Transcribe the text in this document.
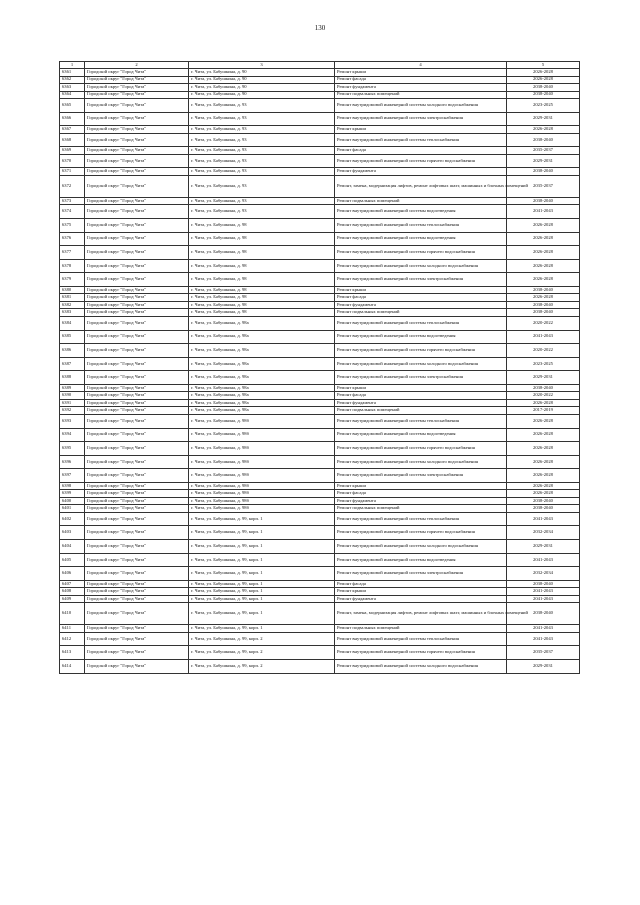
130
1	2	3	4	5
6361	Городской округ "Город Чита"	г. Чита, ул. Бабушкина, д. 90	Ремонт крыши	2026-2028
6362	Городской округ "Город Чита"	г. Чита, ул. Бабушкина, д. 90	Ремонт фасада	2026-2028
6363	Городской округ "Город Чита"	г. Чита, ул. Бабушкина, д. 90	Ремонт фундамента	2038-2040
6364	Городской округ "Город Чита"	г. Чита, ул. Бабушкина, д. 90	Ремонт подвальных помещений	2038-2040
6365	Городской округ "Город Чита"	г. Чита, ул. Бабушкина, д. 93	Ремонт внутридомовой инженерной системы холодного водоснабжения	2023-2025
6366	Городской округ "Город Чита"	г. Чита, ул. Бабушкина, д. 93	Ремонт внутридомовой инженерной системы электроснабжения	2029-2031
6367	Городской округ "Город Чита"	г. Чита, ул. Бабушкина, д. 93	Ремонт крыши	2026-2028
6368	Городской округ "Город Чита"	г. Чита, ул. Бабушкина, д. 93	Ремонт внутридомовой инженерной системы теплоснабжения	2038-2040
6369	Городской округ "Город Чита"	г. Чита, ул. Бабушкина, д. 93	Ремонт фасада	2035-2037
6370	Городской округ "Город Чита"	г. Чита, ул. Бабушкина, д. 93	Ремонт внутридомовой инженерной системы горячего водоснабжения	2029-2031
6371	Городской округ "Город Чита"	г. Чита, ул. Бабушкина, д. 93	Ремонт фундамента	2038-2040
6372	Городской округ "Город Чита"	г. Чита, ул. Бабушкина, д. 93	Ремонт, замена, модернизация лифтов, ремонт лифтовых шахт, машинных и блочных помещений	2035-2037
6373	Городской округ "Город Чита"	г. Чита, ул. Бабушкина, д. 93	Ремонт подвальных помещений	2038-2040
6374	Городской округ "Город Чита"	г. Чита, ул. Бабушкина, д. 93	Ремонт внутридомовой инженерной системы водоотведения	2041-2043
6375	Городской округ "Город Чита"	г. Чита, ул. Бабушкина, д. 98	Ремонт внутридомовой инженерной системы теплоснабжения	2026-2028
6376	Городской округ "Город Чита"	г. Чита, ул. Бабушкина, д. 98	Ремонт внутридомовой инженерной системы водоотведения	2026-2028
6377	Городской округ "Город Чита"	г. Чита, ул. Бабушкина, д. 98	Ремонт внутридомовой инженерной системы горячего водоснабжения	2026-2028
6378	Городской округ "Город Чита"	г. Чита, ул. Бабушкина, д. 98	Ремонт внутридомовой инженерной системы холодного водоснабжения	2026-2028
6379	Городской округ "Город Чита"	г. Чита, ул. Бабушкина, д. 98	Ремонт внутридомовой инженерной системы электроснабжения	2026-2028
6380	Городской округ "Город Чита"	г. Чита, ул. Бабушкина, д. 98	Ремонт крыши	2038-2040
6381	Городской округ "Город Чита"	г. Чита, ул. Бабушкина, д. 98	Ремонт фасада	2026-2028
6382	Городской округ "Город Чита"	г. Чита, ул. Бабушкина, д. 98	Ремонт фундамента	2038-2040
6383	Городской округ "Город Чита"	г. Чита, ул. Бабушкина, д. 98	Ремонт подвальных помещений	2038-2040
6384	Городской округ "Город Чита"	г. Чита, ул. Бабушкина, д. 98а	Ремонт внутридомовой инженерной системы теплоснабжения	2020-2022
6385	Городской округ "Город Чита"	г. Чита, ул. Бабушкина, д. 98а	Ремонт внутридомовой инженерной системы водоотведения	2041-2043
6386	Городской округ "Город Чита"	г. Чита, ул. Бабушкина, д. 98а	Ремонт внутридомовой инженерной системы горячего водоснабжения	2020-2022
6387	Городской округ "Город Чита"	г. Чита, ул. Бабушкина, д. 98а	Ремонт внутридомовой инженерной системы холодного водоснабжения	2023-2025
6388	Городской округ "Город Чита"	г. Чита, ул. Бабушкина, д. 98а	Ремонт внутридомовой инженерной системы электроснабжения	2029-2031
6389	Городской округ "Город Чита"	г. Чита, ул. Бабушкина, д. 98а	Ремонт крыши	2038-2040
6390	Городской округ "Город Чита"	г. Чита, ул. Бабушкина, д. 98а	Ремонт фасада	2020-2022
6391	Городской округ "Город Чита"	г. Чита, ул. Бабушкина, д. 98а	Ремонт фундамента	2026-2028
6392	Городской округ "Город Чита"	г. Чита, ул. Бабушкина, д. 98а	Ремонт подвальных помещений	2017-2019
6393	Городской округ "Город Чита"	г. Чита, ул. Бабушкина, д. 98б	Ремонт внутридомовой инженерной системы теплоснабжения	2026-2028
6394	Городской округ "Город Чита"	г. Чита, ул. Бабушкина, д. 98б	Ремонт внутридомовой инженерной системы водоотведения	2026-2028
6395	Городской округ "Город Чита"	г. Чита, ул. Бабушкина, д. 98б	Ремонт внутридомовой инженерной системы горячего водоснабжения	2026-2028
6396	Городской округ "Город Чита"	г. Чита, ул. Бабушкина, д. 98б	Ремонт внутридомовой инженерной системы холодного водоснабжения	2026-2028
6397	Городской округ "Город Чита"	г. Чита, ул. Бабушкина, д. 98б	Ремонт внутридомовой инженерной системы электроснабжения	2026-2028
6398	Городской округ "Город Чита"	г. Чита, ул. Бабушкина, д. 98б	Ремонт крыши	2026-2028
6399	Городской округ "Город Чита"	г. Чита, ул. Бабушкина, д. 98б	Ремонт фасада	2026-2028
6400	Городской округ "Город Чита"	г. Чита, ул. Бабушкина, д. 98б	Ремонт фундамента	2038-2040
6401	Городской округ "Город Чита"	г. Чита, ул. Бабушкина, д. 98б	Ремонт подвальных помещений	2038-2040
6402	Городской округ "Город Чита"	г. Чита, ул. Бабушкина, д. 99, корп. 1	Ремонт внутридомовой инженерной системы теплоснабжения	2041-2043
6403	Городской округ "Город Чита"	г. Чита, ул. Бабушкина, д. 99, корп. 1	Ремонт внутридомовой инженерной системы горячего водоснабжения	2032-2034
6404	Городской округ "Город Чита"	г. Чита, ул. Бабушкина, д. 99, корп. 1	Ремонт внутридомовой инженерной системы холодного водоснабжения	2029-2031
6405	Городской округ "Город Чита"	г. Чита, ул. Бабушкина, д. 99, корп. 1	Ремонт внутридомовой инженерной системы водоотведения	2041-2043
6406	Городской округ "Город Чита"	г. Чита, ул. Бабушкина, д. 99, корп. 1	Ремонт внутридомовой инженерной системы электроснабжения	2032-2034
6407	Городской округ "Город Чита"	г. Чита, ул. Бабушкина, д. 99, корп. 1	Ремонт фасада	2038-2040
6408	Городской округ "Город Чита"	г. Чита, ул. Бабушкина, д. 99, корп. 1	Ремонт крыши	2041-2043
6409	Городской округ "Город Чита"	г. Чита, ул. Бабушкина, д. 99, корп. 1	Ремонт фундамента	2041-2043
6410	Городской округ "Город Чита"	г. Чита, ул. Бабушкина, д. 99, корп. 1	Ремонт, замена, модернизация лифтов, ремонт лифтовых шахт, машинных и блочных помещений	2038-2040
6411	Городской округ "Город Чита"	г. Чита, ул. Бабушкина, д. 99, корп. 1	Ремонт подвальных помещений	2041-2043
6412	Городской округ "Город Чита"	г. Чита, ул. Бабушкина, д. 99, корп. 2	Ремонт внутридомовой инженерной системы теплоснабжения	2041-2043
6413	Городской округ "Город Чита"	г. Чита, ул. Бабушкина, д. 99, корп. 2	Ремонт внутридомовой инженерной системы горячего водоснабжения	2035-2037
6414	Городской округ "Город Чита"	г. Чита, ул. Бабушкина, д. 99, корп. 2	Ремонт внутридомовой инженерной системы холодного водоснабжения	2029-2031
